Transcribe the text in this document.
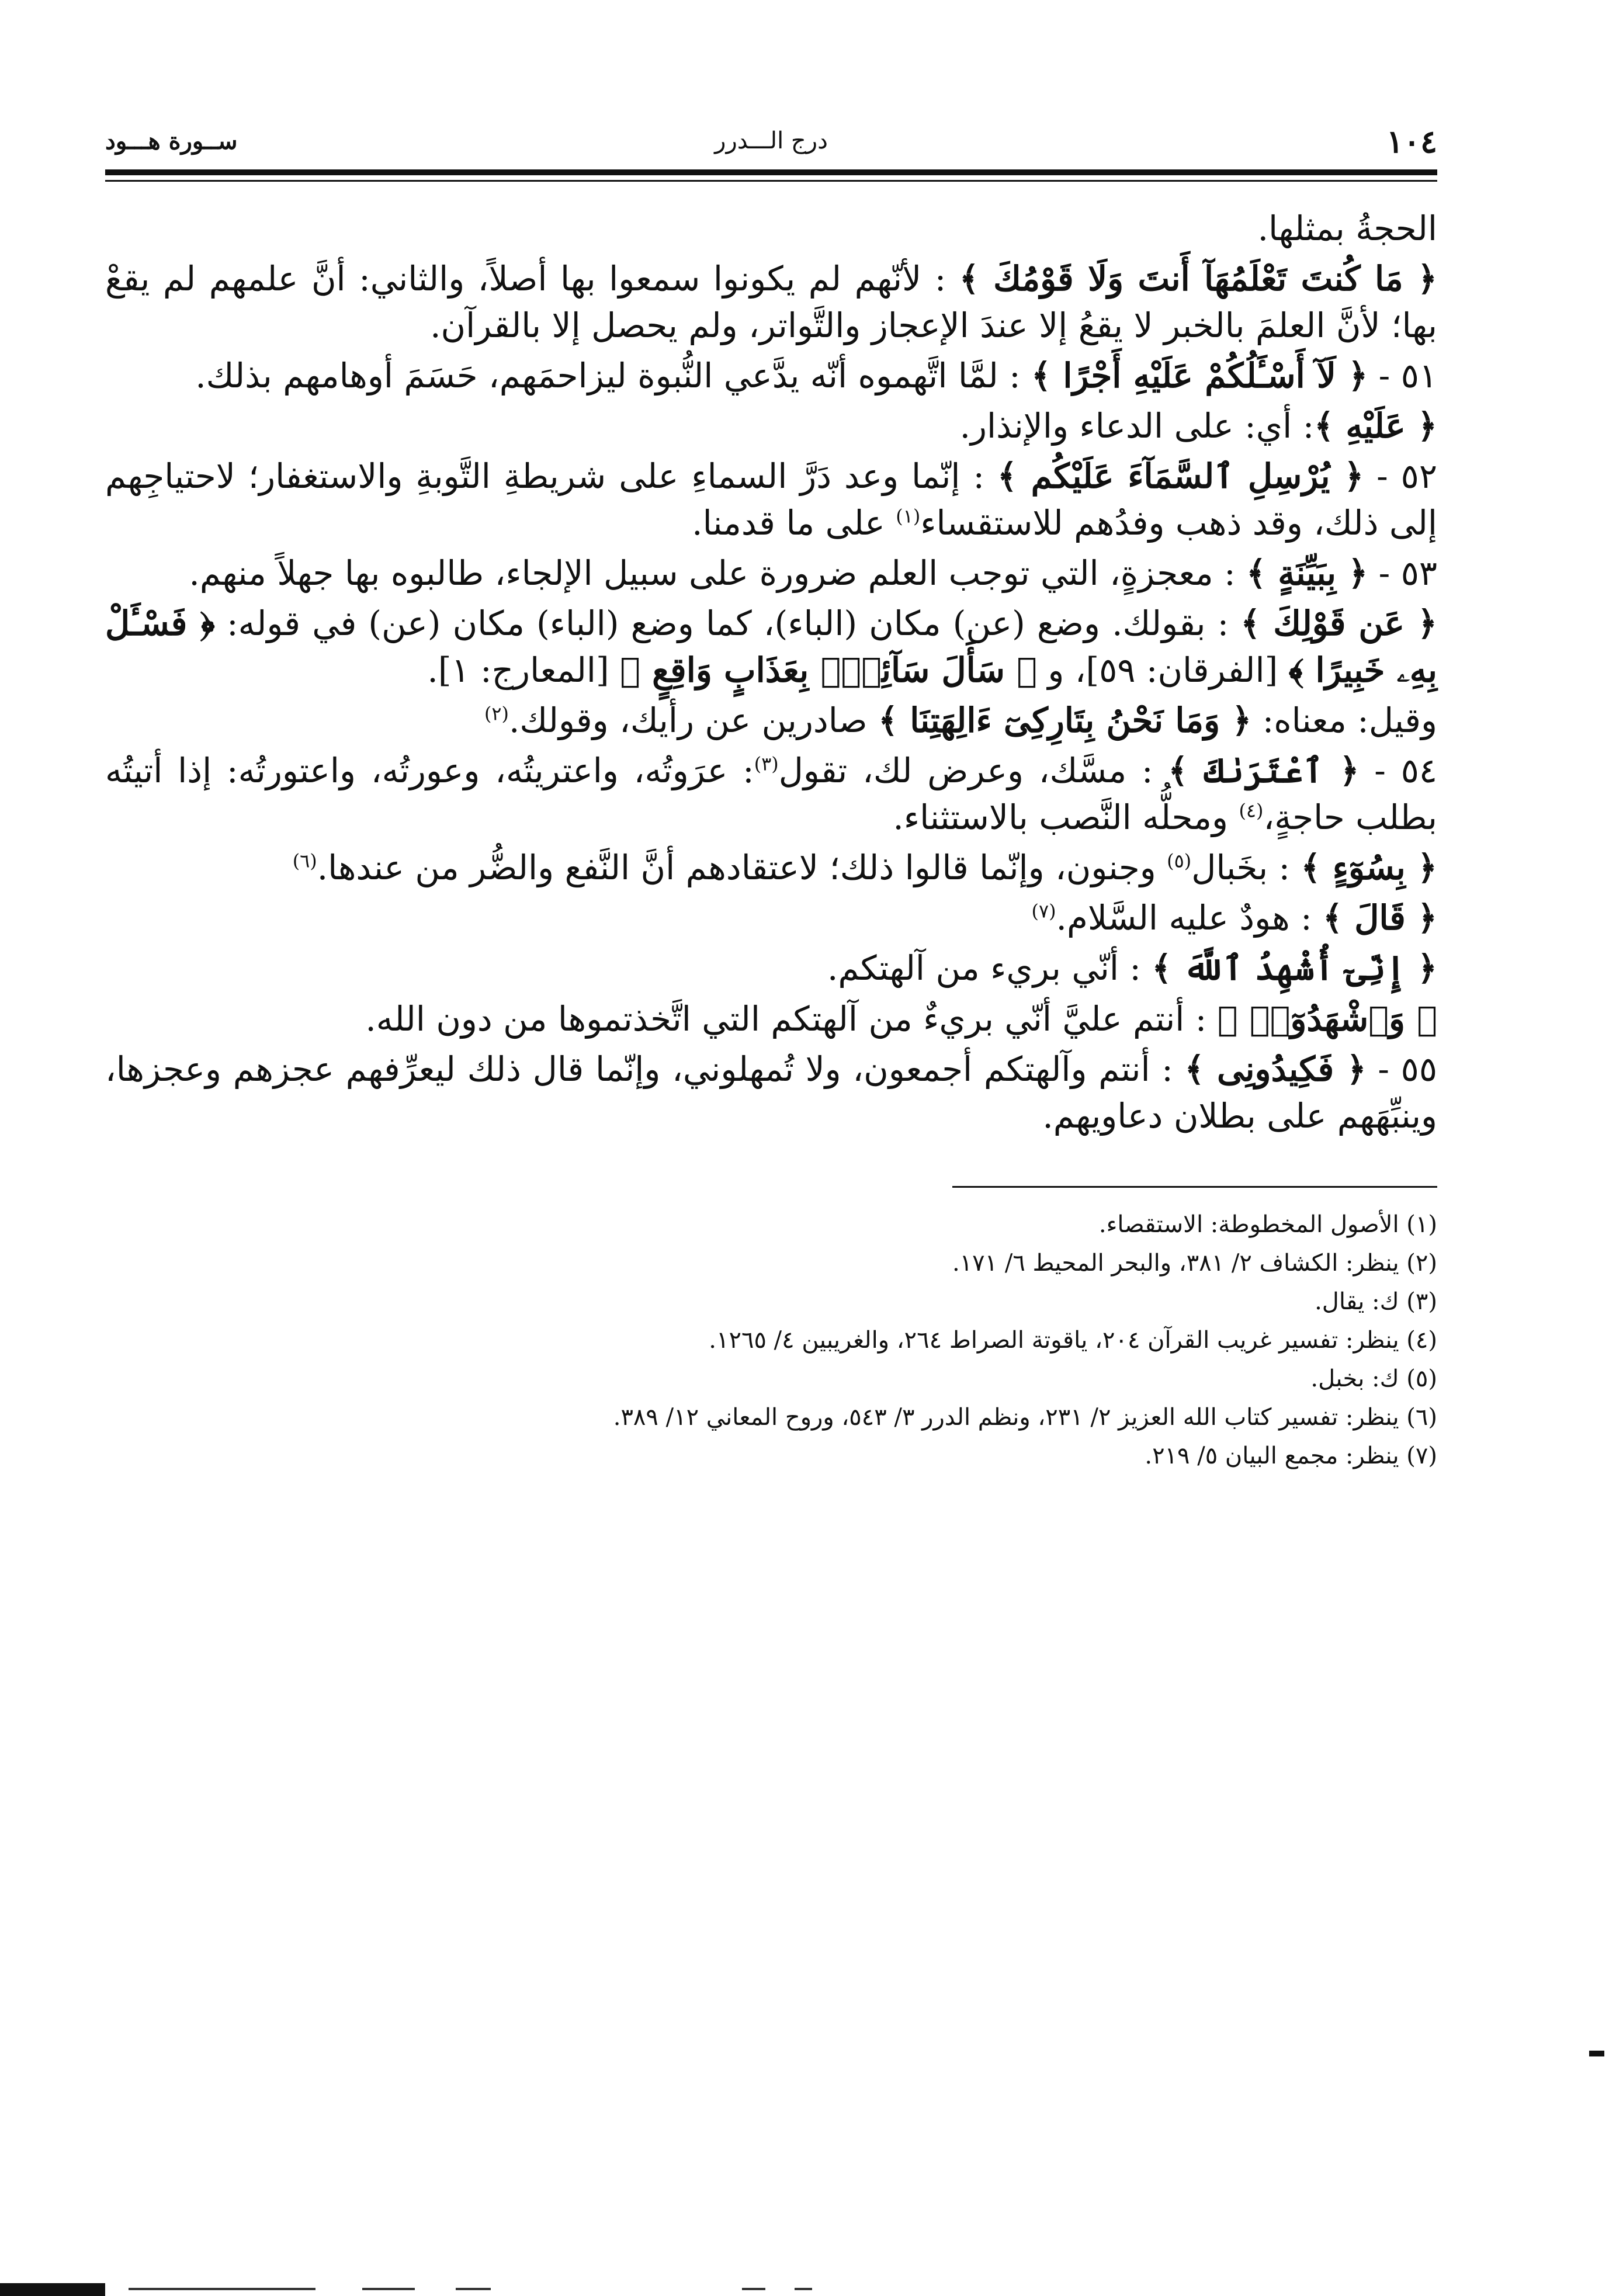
١٠٤
درج الـــدرر
ســورة هـــود

الحجةُ بمثلها.

﴿ مَا كُنتَ تَعْلَمُهَآ أَنتَ وَلَا قَوْمُكَ ﴾ : لأنّهم لم يكونوا سمعوا بها أصلاً، والثاني: أنَّ علمهم لم يقعْ بها؛ لأنَّ العلمَ بالخبر لا يقعُ إلا عندَ الإعجاز والتَّواتر، ولم يحصل إلا بالقرآن.

٥١ - ﴿ لَآ أَسْـَٔلُكُمْ عَلَيْهِ أَجْرًا ﴾ : لمَّا اتَّهموه أنّه يدَّعي النُّبوة ليزاحمَهم، حَسَمَ أوهامهم بذلك.

﴿ عَلَيْهِ ﴾: أي: على الدعاء والإنذار.

٥٢ - ﴿ يُرْسِلِ ٱلسَّمَآءَ عَلَيْكُم ﴾ : إنّما وعد دَرَّ السماءِ على شريطةِ التَّوبةِ والاستغفار؛ لاحتياجِهم إلى ذلك، وقد ذهب وفدُهم للاستقساء$^{(١)}$ على ما قدمنا.

٥٣ - ﴿ بِبَيِّنَةٍ ﴾ : معجزةٍ، التي توجب العلم ضرورة على سبيل الإلجاء، طالبوه بها جهلاً منهم.

﴿ عَن قَوْلِكَ ﴾ : بقولك. وضع (عن) مكان (الباء)، كما وضع (الباء) مكان (عن) في قوله: ﴿ فَسْـَٔلْ بِهِۦ خَبِيرًا ﴾ [الفرقان: ٥٩]، و ﴿ سَأَلَ سَآئِلٌۢ بِعَذَابٍ وَاقِعٍ ﴾ [المعارج: ١].

وقيل: معناه: ﴿ وَمَا نَحْنُ بِتَارِكِىٓ ءَالِهَتِنَا ﴾ صادرين عن رأيك، وقولك.$^{(٢)}$

٥٤ - ﴿ ٱعْتَرَىٰكَ ﴾ : مسَّك، وعرض لك، تقول$^{(٣)}$: عرَوتُه، واعتريتُه، وعورتُه، واعتورتُه: إذا أتيتُه بطلب حاجةٍ،$^{(٤)}$ ومحلُّه النَّصب بالاستثناء.

﴿ بِسُوٓءٍ ﴾ : بخَبال$^{(٥)}$ وجنون، وإنّما قالوا ذلك؛ لاعتقادهم أنَّ النَّفع والضُّر من عندها.$^{(٦)}$

﴿ قَالَ ﴾ : هودٌ عليه السَّلام.$^{(٧)}$

﴿ إِنِّىٓ أُشْهِدُ ٱللَّهَ ﴾ : أنّي بريء من آلهتكم.

﴿ وَٱشْهَدُوٓا۟ ﴾ : أنتم عليَّ أنّي بريءٌ من آلهتكم التي اتَّخذتموها من دون الله.

٥٥ - ﴿ فَكِيدُونِى ﴾ : أنتم وآلهتكم أجمعون، ولا تُمهلوني، وإنّما قال ذلك ليعرِّفهم عجزهم وعجزها، وينبِّهَهم على بطلان دعاويهم.

(١) الأصول المخطوطة: الاستقصاء.
(٢) ينظر: الكشاف ٢/ ٣٨١، والبحر المحيط ٦/ ١٧١.
(٣) ك: يقال.
(٤) ينظر: تفسير غريب القرآن ٢٠٤، ياقوتة الصراط ٢٦٤، والغريبين ٤/ ١٢٦٥.
(٥) ك: بخبل.
(٦) ينظر: تفسير كتاب الله العزيز ٢/ ٢٣١، ونظم الدرر ٣/ ٥٤٣، وروح المعاني ١٢/ ٣٨٩.
(٧) ينظر: مجمع البيان ٥/ ٢١٩.
